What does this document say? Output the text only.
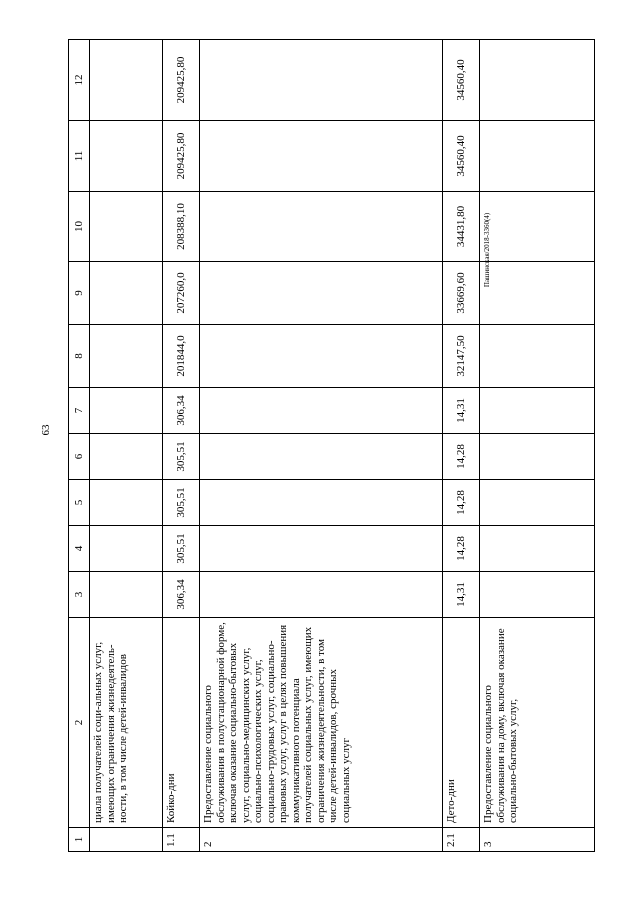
63
Пашинская/2018-3360(4)
1	2	3	4	5	6	7	8	9	10	11	12
	циала получателей соци-альных услуг, имеющих ограничения жизнедеятель-ности, в том числе детей-инвалидов										
1.1	Койко-дни	306,34	305,51	305,51	305,51	306,34	201844,0	207260,0	208388,10	209425,80	209425,80
2	Предоставление социального обслуживания в полустационарной форме, включая оказание социально-бытовых услуг, социально-медицинских услуг, социально-психологических услуг, социально-трудовых услуг, социально-правовых услуг, услуг в целях повышения коммуникативного потенциала получателей социальных услуг, имеющих ограничения жизнедеятельности, в том числе детей-инвалидов, срочных социальных услуг										
2.1	Дето-дни	14,31	14,28	14,28	14,28	14,31	32147,50	33669,60	34431,80	34560,40	34560,40
3	Предоставление социального обслуживания на дому, включая оказание социально-бытовых услуг,										
